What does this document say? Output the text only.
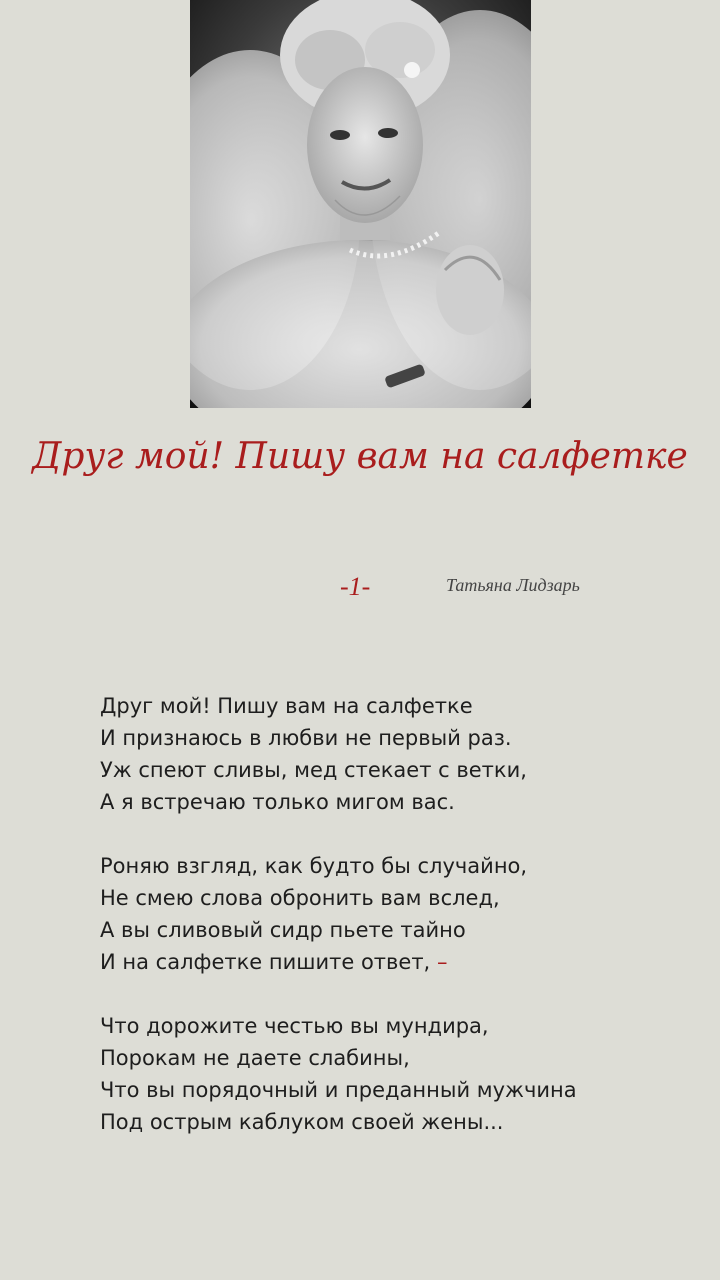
Друг мой! Пишу вам на салфетке
-1-	Татьяна Лидзарь
Друг мой! Пишу вам на салфетке
И признаюсь в любви не первый раз.
Уж спеют сливы, мед стекает с ветки,
А я встречаю только мигом вас.
Роняю взгляд, как будто бы случайно,
Не смею слова обронить вам вслед,
А вы сливовый сидр пьете тайно
И на салфетке пишите ответ, –
Что дорожите честью вы мундира,
Порокам не даете слабины,
Что вы порядочный и преданный мужчина
Под острым каблуком своей жены...
